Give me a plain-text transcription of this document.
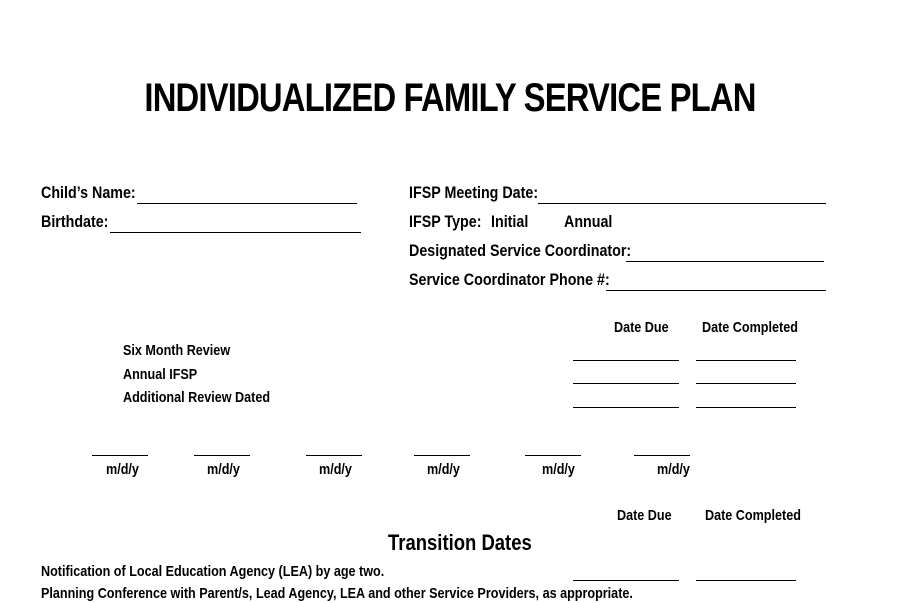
INDIVIDUALIZED FAMILY SERVICE PLAN
Child’s Name:
Birthdate:
IFSP Meeting Date:
IFSP Type: Initial Annual
Designated Service Coordinator:
Service Coordinator Phone #:
Date Due Date Completed
Six Month Review
Annual IFSP
Additional Review Dated
m/d/y	m/d/y	m/d/y	m/d/y	m/d/y	m/d/y
Date Due Date Completed
Transition Dates
Notification of Local Education Agency (LEA) by age two.
Planning Conference with Parent/s, Lead Agency, LEA and other Service Providers, as appropriate.
